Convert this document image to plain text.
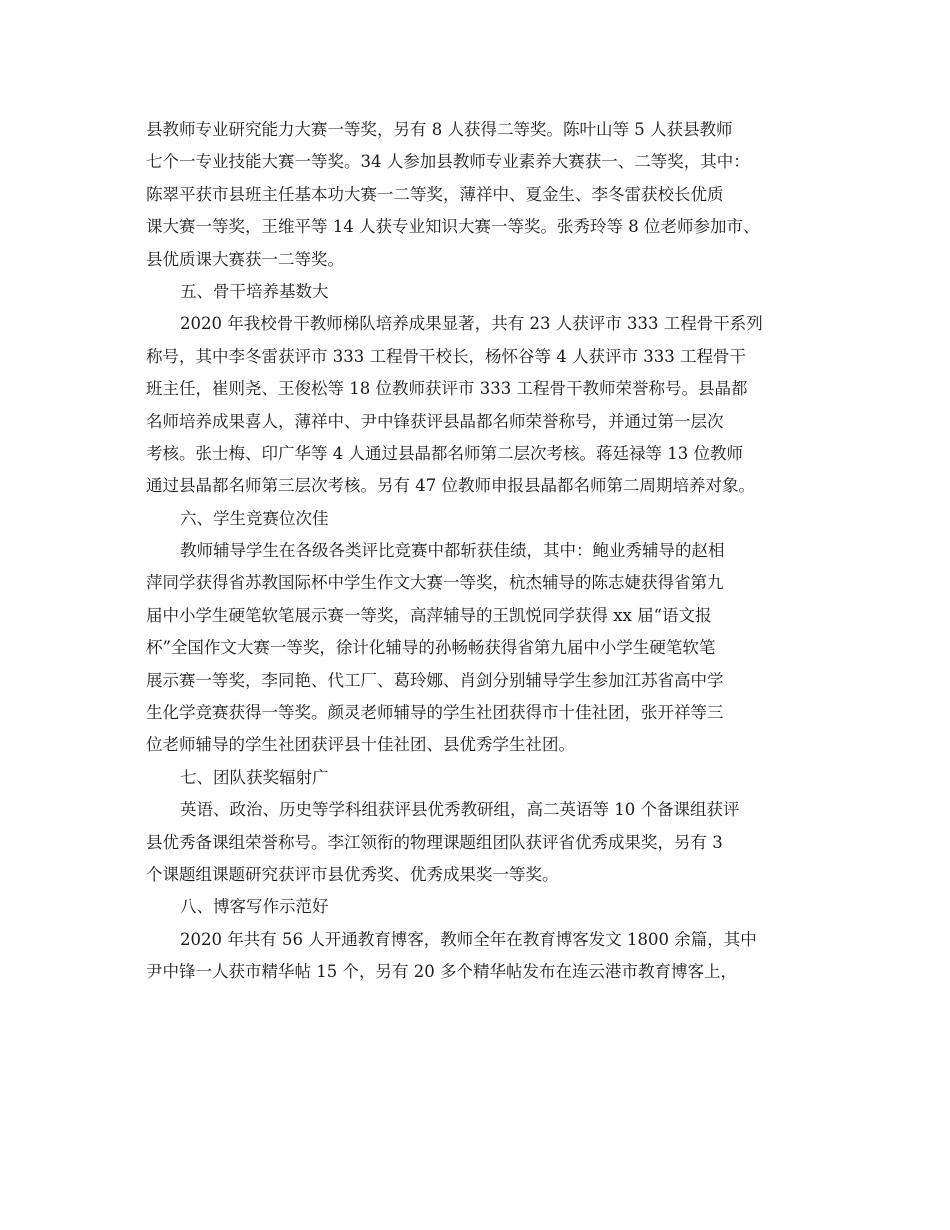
县教师专业研究能力大赛一等奖，另有 8 人获得二等奖。陈叶山等 5 人获县教师
七个一专业技能大赛一等奖。34 人参加县教师专业素养大赛获一、二等奖，其中：
陈翠平获市县班主任基本功大赛一二等奖，薄祥中、夏金生、李冬雷获校长优质
课大赛一等奖，王维平等 14 人获专业知识大赛一等奖。张秀玲等 8 位老师参加市、
县优质课大赛获一二等奖。
五、骨干培养基数大
2020 年我校骨干教师梯队培养成果显著，共有 23 人获评市 333 工程骨干系列
称号，其中李冬雷获评市 333 工程骨干校长，杨怀谷等 4 人获评市 333 工程骨干
班主任，崔则尧、王俊松等 18 位教师获评市 333 工程骨干教师荣誉称号。县晶都
名师培养成果喜人，薄祥中、尹中锋获评县晶都名师荣誉称号，并通过第一层次
考核。张士梅、印广华等 4 人通过县晶都名师第二层次考核。蒋廷禄等 13 位教师
通过县晶都名师第三层次考核。另有 47 位教师申报县晶都名师第二周期培养对象。
六、学生竞赛位次佳
教师辅导学生在各级各类评比竞赛中都斩获佳绩，其中：鲍业秀辅导的赵相
萍同学获得省苏教国际杯中学生作文大赛一等奖，杭杰辅导的陈志婕获得省第九
届中小学生硬笔软笔展示赛一等奖，高萍辅导的王凯悦同学获得 xx 届“语文报
杯”全国作文大赛一等奖，徐计化辅导的孙畅畅获得省第九届中小学生硬笔软笔
展示赛一等奖，李同艳、代工厂、葛玲娜、肖剑分别辅导学生参加江苏省高中学
生化学竞赛获得一等奖。颜灵老师辅导的学生社团获得市十佳社团，张开祥等三
位老师辅导的学生社团获评县十佳社团、县优秀学生社团。
七、团队获奖辐射广
英语、政治、历史等学科组获评县优秀教研组，高二英语等 10 个备课组获评
县优秀备课组荣誉称号。李江领衔的物理课题组团队获评省优秀成果奖，另有 3
个课题组课题研究获评市县优秀奖、优秀成果奖一等奖。
八、博客写作示范好
2020 年共有 56 人开通教育博客，教师全年在教育博客发文 1800 余篇，其中
尹中锋一人获市精华帖 15 个，另有 20 多个精华帖发布在连云港市教育博客上，
